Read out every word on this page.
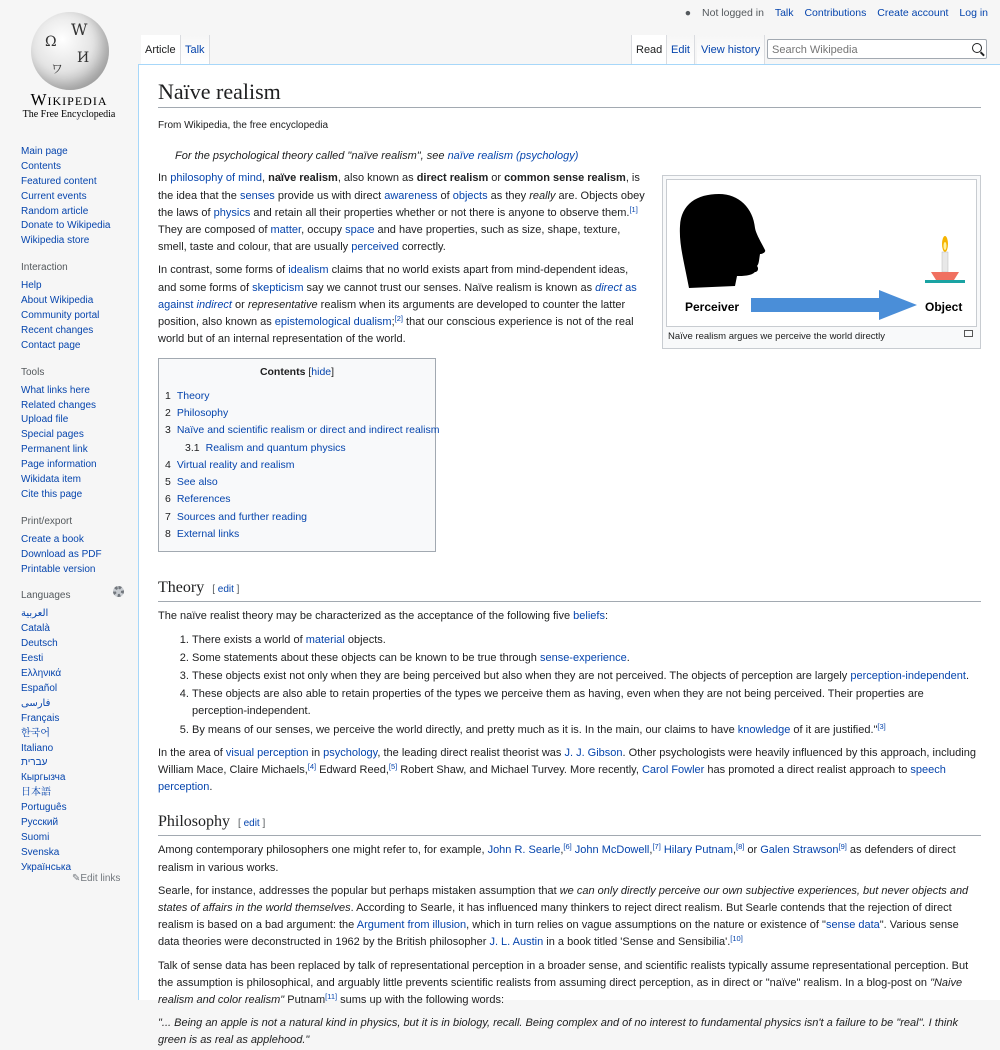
Ω
W
И
ワ
Wikipedia
The Free Encyclopedia
● Not logged in Talk Contributions Create account Log in
Article Talk	Read Edit	View history
Search Wikipedia
Main page
Contents
Featured content
Current events
Random article
Donate to Wikipedia
Wikipedia store
Interaction
Help
About Wikipedia
Community portal
Recent changes
Contact page
Tools
What links here
Related changes
Upload file
Special pages
Permanent link
Page information
Wikidata item
Cite this page
Print/export
Create a book
Download as PDF
Printable version
Languages
العربية
Català
Deutsch
Eesti
Ελληνικά
Español
فارسی
Français
한국어
Italiano
עברית
Кыргызча
日本語
Português
Русский
Suomi
Svenska
Українська
✎Edit links
Naïve realism
From Wikipedia, the free encyclopedia
For the psychological theory called "naïve realism", see naïve realism (psychology)
Perceiver	Object
Naïve realism argues we perceive the world directly

In philosophy of mind, naïve realism, also known as direct realism or common sense realism, is the idea that the senses provide us with direct awareness of objects as they really are. Objects obey the laws of physics and retain all their properties whether or not there is anyone to observe them.[1] They are composed of matter, occupy space and have properties, such as size, shape, texture, smell, taste and colour, that are usually perceived correctly.

In contrast, some forms of idealism claims that no world exists apart from mind-dependent ideas, and some forms of skepticism say we cannot trust our senses. Naïve realism is known as direct as against indirect or representative realism when its arguments are developed to counter the latter position, also known as epistemological dualism;[2] that our conscious experience is not of the real world but of an internal representation of the world.

Contents [hide]
1 Theory
2 Philosophy
3 Naïve and scientific realism or direct and indirect realism
3.1 Realism and quantum physics
4 Virtual reality and realism
5 See also
6 References
7 Sources and further reading
8 External links
Theory [ edit ]

The naïve realist theory may be characterized as the acceptance of the following five beliefs:

1. There exists a world of material objects.
2. Some statements about these objects can be known to be true through sense-experience.
3. These objects exist not only when they are being perceived but also when they are not perceived. The objects of perception are largely perception-independent.
4. These objects are also able to retain properties of the types we perceive them as having, even when they are not being perceived. Their properties are perception-independent.
5. By means of our senses, we perceive the world directly, and pretty much as it is. In the main, our claims to have knowledge of it are justified."[3]

In the area of visual perception in psychology, the leading direct realist theorist was J. J. Gibson. Other psychologists were heavily influenced by this approach, including William Mace, Claire Michaels,[4] Edward Reed,[5] Robert Shaw, and Michael Turvey. More recently, Carol Fowler has promoted a direct realist approach to speech perception.

Philosophy [ edit ]

Among contemporary philosophers one might refer to, for example, John R. Searle,[6] John McDowell,[7] Hilary Putnam,[8] or Galen Strawson[9] as defenders of direct realism in various works.

Searle, for instance, addresses the popular but perhaps mistaken assumption that we can only directly perceive our own subjective experiences, but never objects and states of affairs in the world themselves. According to Searle, it has influenced many thinkers to reject direct realism. But Searle contends that the rejection of direct realism is based on a bad argument: the Argument from illusion, which in turn relies on vague assumptions on the nature or existence of "sense data". Various sense data theories were deconstructed in 1962 by the British philosopher J. L. Austin in a book titled 'Sense and Sensibilia'.[10]

Talk of sense data has been replaced by talk of representational perception in a broader sense, and scientific realists typically assume representational perception. But the assumption is philosophical, and arguably little prevents scientific realists from assuming direct perception, as in direct or "naïve" realism. In a blog-post on "Naive realism and color realism" Putnam[11] sums up with the following words:

"... Being an apple is not a natural kind in physics, but it is in biology, recall. Being complex and of no interest to fundamental physics isn't a failure to be "real". I think green is as real as applehood."
